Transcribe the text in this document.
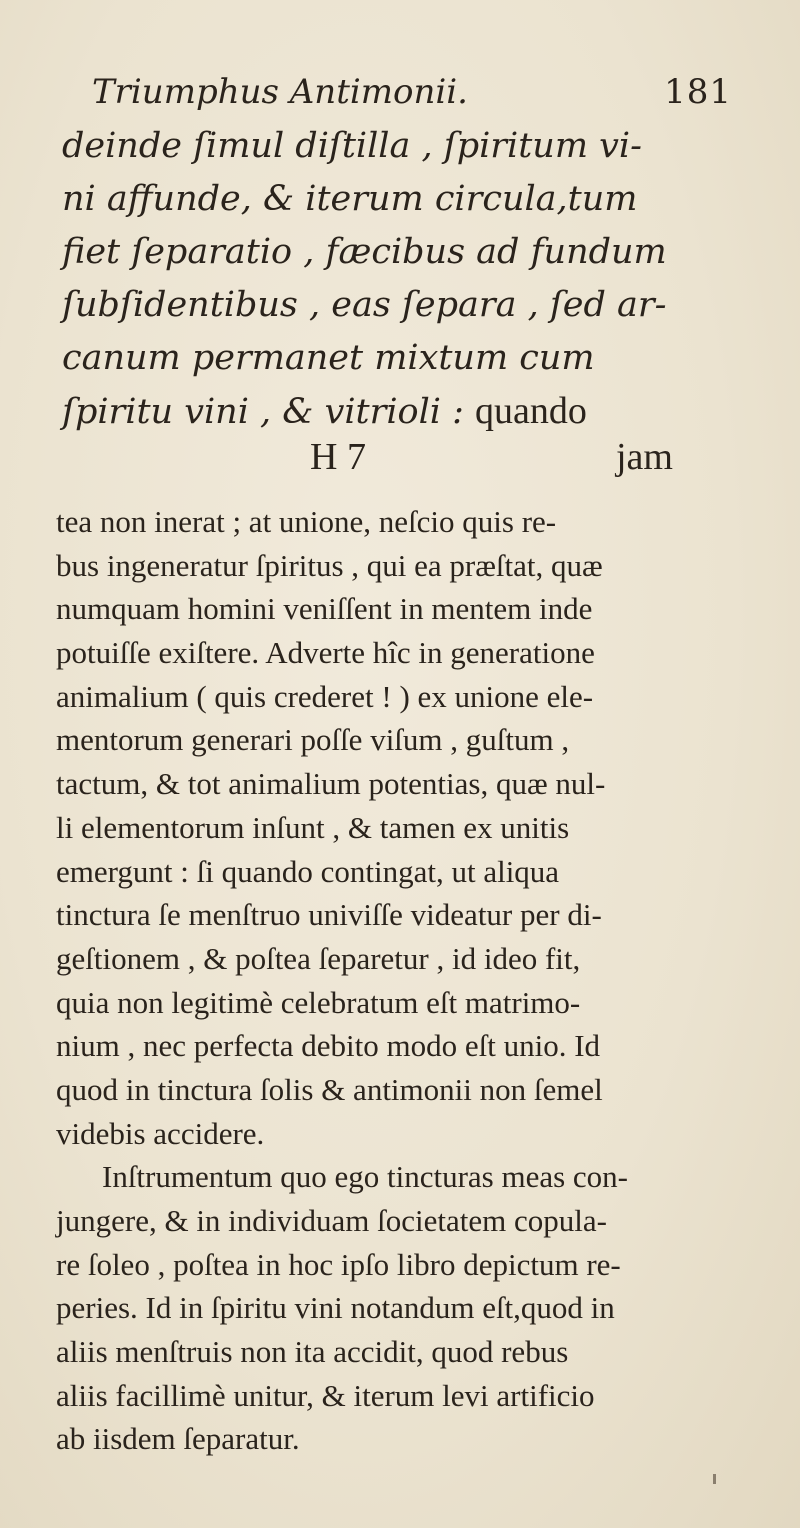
Triumphus Antimonii.	181
deinde ſimul diſtilla , ſpiritum vi-
ni affunde, & iterum circula,tum
fiet ſeparatio , fæcibus ad fundum
ſubſidentibus , eas ſepara , ſed ar-
canum permanet mixtum cum
ſpiritu vini , & vitrioli : quando
H 7	jam
tea non inerat ; at unione, neſcio quis re-
bus ingeneratur ſpiritus , qui ea præſtat, quæ
numquam homini veniſſent in mentem inde
potuiſſe exiſtere. Adverte hîc in generatione
animalium ( quis crederet ! ) ex unione ele-
mentorum generari poſſe viſum , guſtum ,
tactum, & tot animalium potentias, quæ nul-
li elementorum inſunt , & tamen ex unitis
emergunt : ſi quando contingat, ut aliqua
tinctura ſe menſtruo univiſſe videatur per di-
geſtionem , & poſtea ſeparetur , id ideo fit,
quia non legitimè celebratum eſt matrimo-
nium , nec perfecta debito modo eſt unio. Id
quod in tinctura ſolis & antimonii non ſemel
videbis accidere.
Inſtrumentum quo ego tincturas meas con-
jungere, & in individuam ſocietatem copula-
re ſoleo , poſtea in hoc ipſo libro depictum re-
peries. Id in ſpiritu vini notandum eſt,quod in
aliis menſtruis non ita accidit, quod rebus
aliis facillimè unitur, & iterum levi artificio
ab iisdem ſeparatur.
